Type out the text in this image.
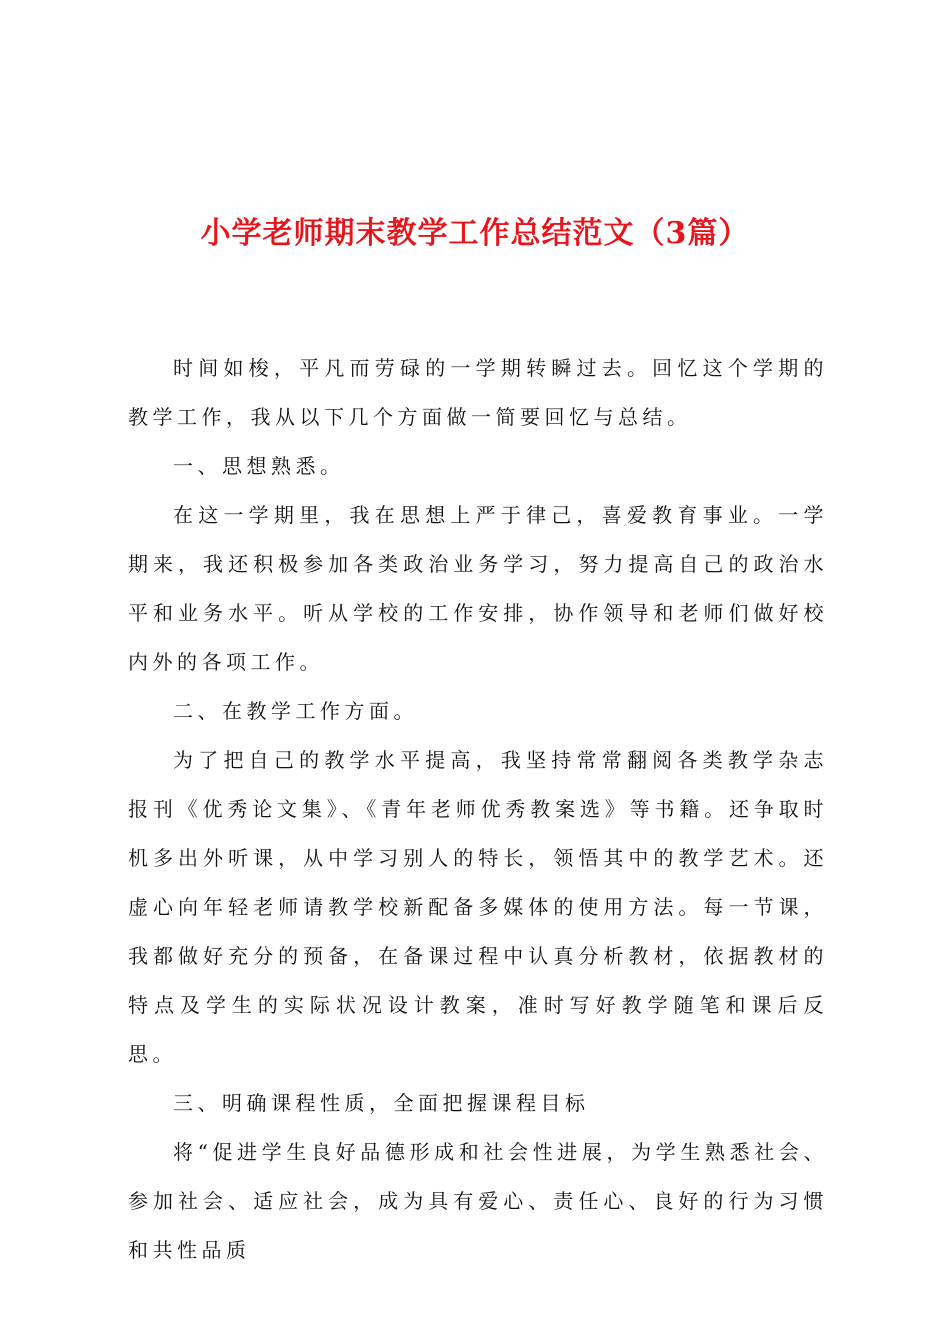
小学老师期末教学工作总结范文（3篇）

时间如梭，平凡而劳碌的一学期转瞬过去。回忆这个学期的教学工作，我从以下几个方面做一简要回忆与总结。

一、思想熟悉。

在这一学期里，我在思想上严于律己，喜爱教育事业。一学期来，我还积极参加各类政治业务学习，努力提高自己的政治水平和业务水平。听从学校的工作安排，协作领导和老师们做好校内外的各项工作。

二、在教学工作方面。

为了把自己的教学水平提高，我坚持常常翻阅各类教学杂志报刊《优秀论文集》、《青年老师优秀教案选》等书籍。还争取时机多出外听课，从中学习别人的特长，领悟其中的教学艺术。还虚心向年轻老师请教学校新配备多媒体的使用方法。每一节课，我都做好充分的预备，在备课过程中认真分析教材，依据教材的特点及学生的实际状况设计教案，准时写好教学随笔和课后反思。

三、明确课程性质，全面把握课程目标

将“促进学生良好品德形成和社会性进展，为学生熟悉社会、参加社会、适应社会，成为具有爱心、责任心、良好的行为习惯和共性品质
